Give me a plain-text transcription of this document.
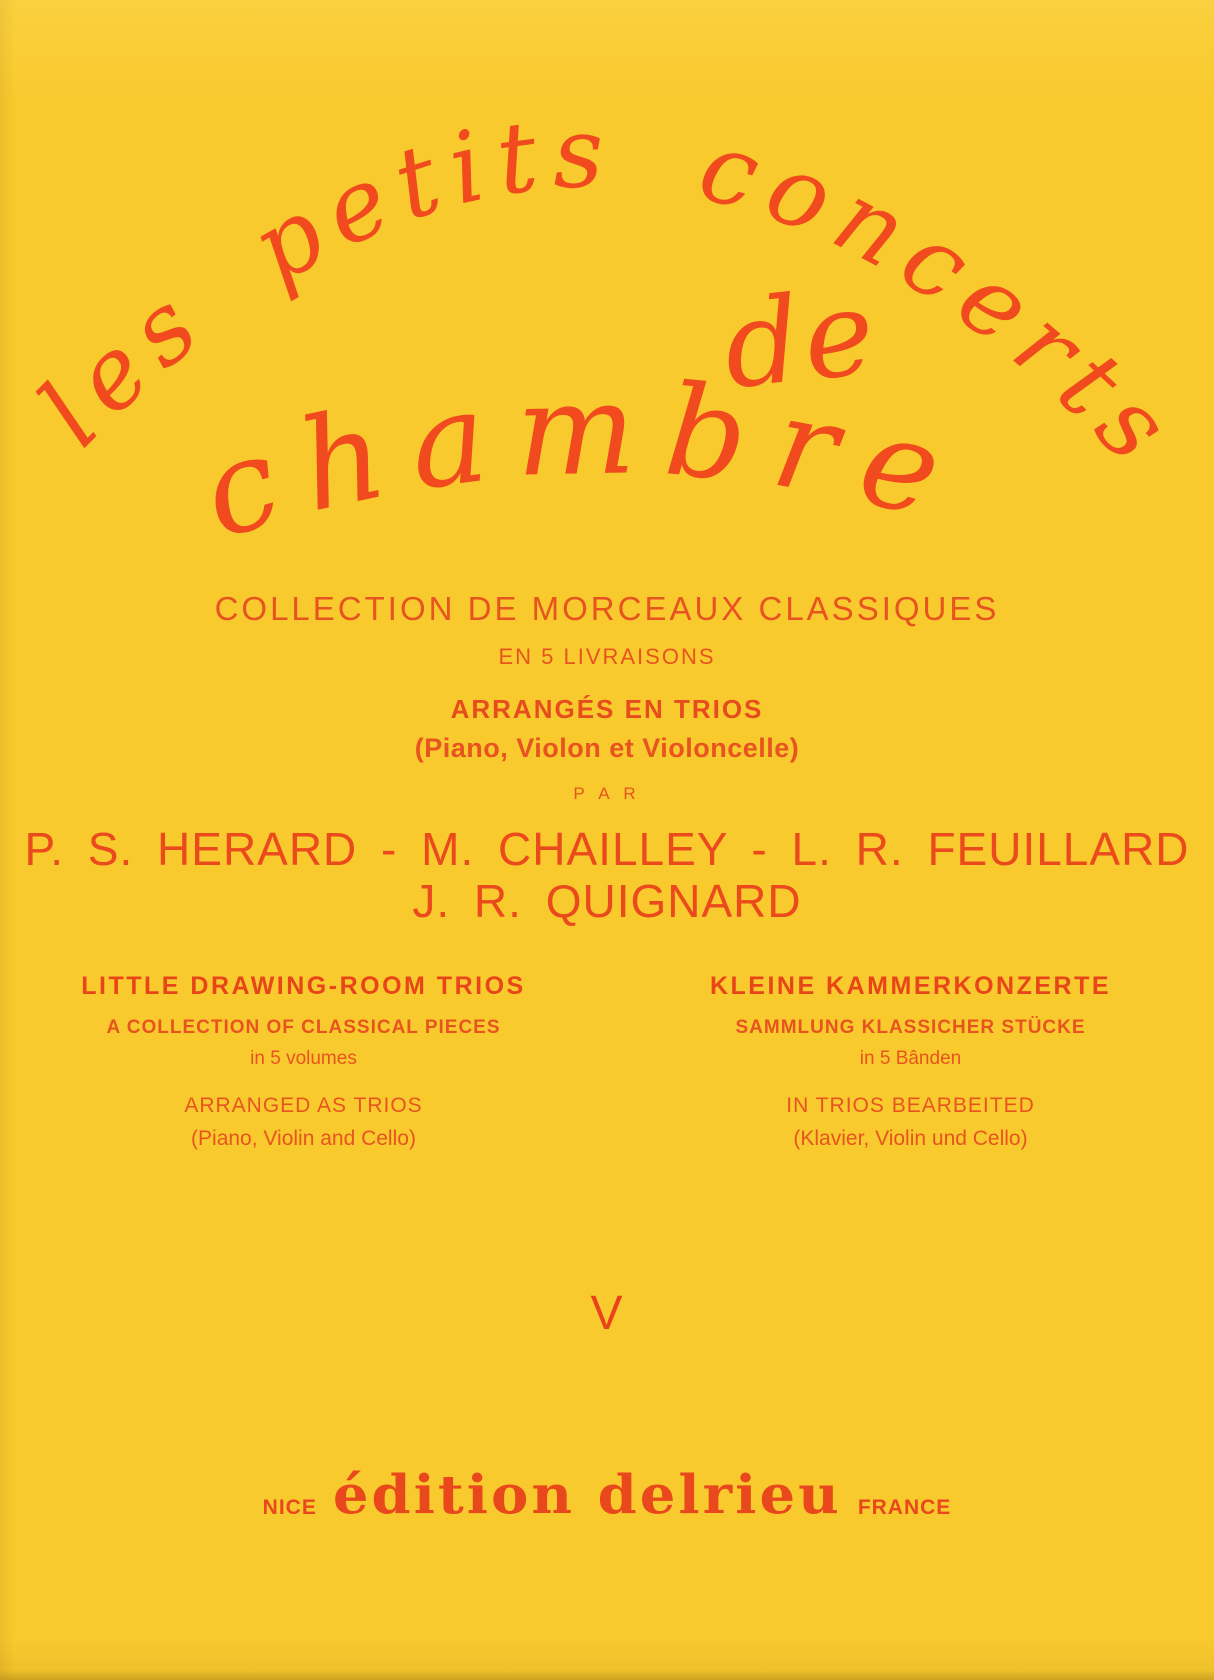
les petits concerts
de
chambre
COLLECTION DE MORCEAUX CLASSIQUES
EN 5 LIVRAISONS
ARRANGÉS EN TRIOS
(Piano, Violon et Violoncelle)
P A R
P. S. HERARD - M. CHAILLEY - L. R. FEUILLARD
J. R. QUIGNARD
LITTLE DRAWING-ROOM TRIOS
A COLLECTION OF CLASSICAL PIECES
in 5 volumes
ARRANGED AS TRIOS
(Piano, Violin and Cello)
KLEINE KAMMERKONZERTE
SAMMLUNG KLASSICHER STÜCKE
in 5 Bânden
IN TRIOS BEARBEITED
(Klavier, Violin und Cello)
V
NICE édition delrieu FRANCE
